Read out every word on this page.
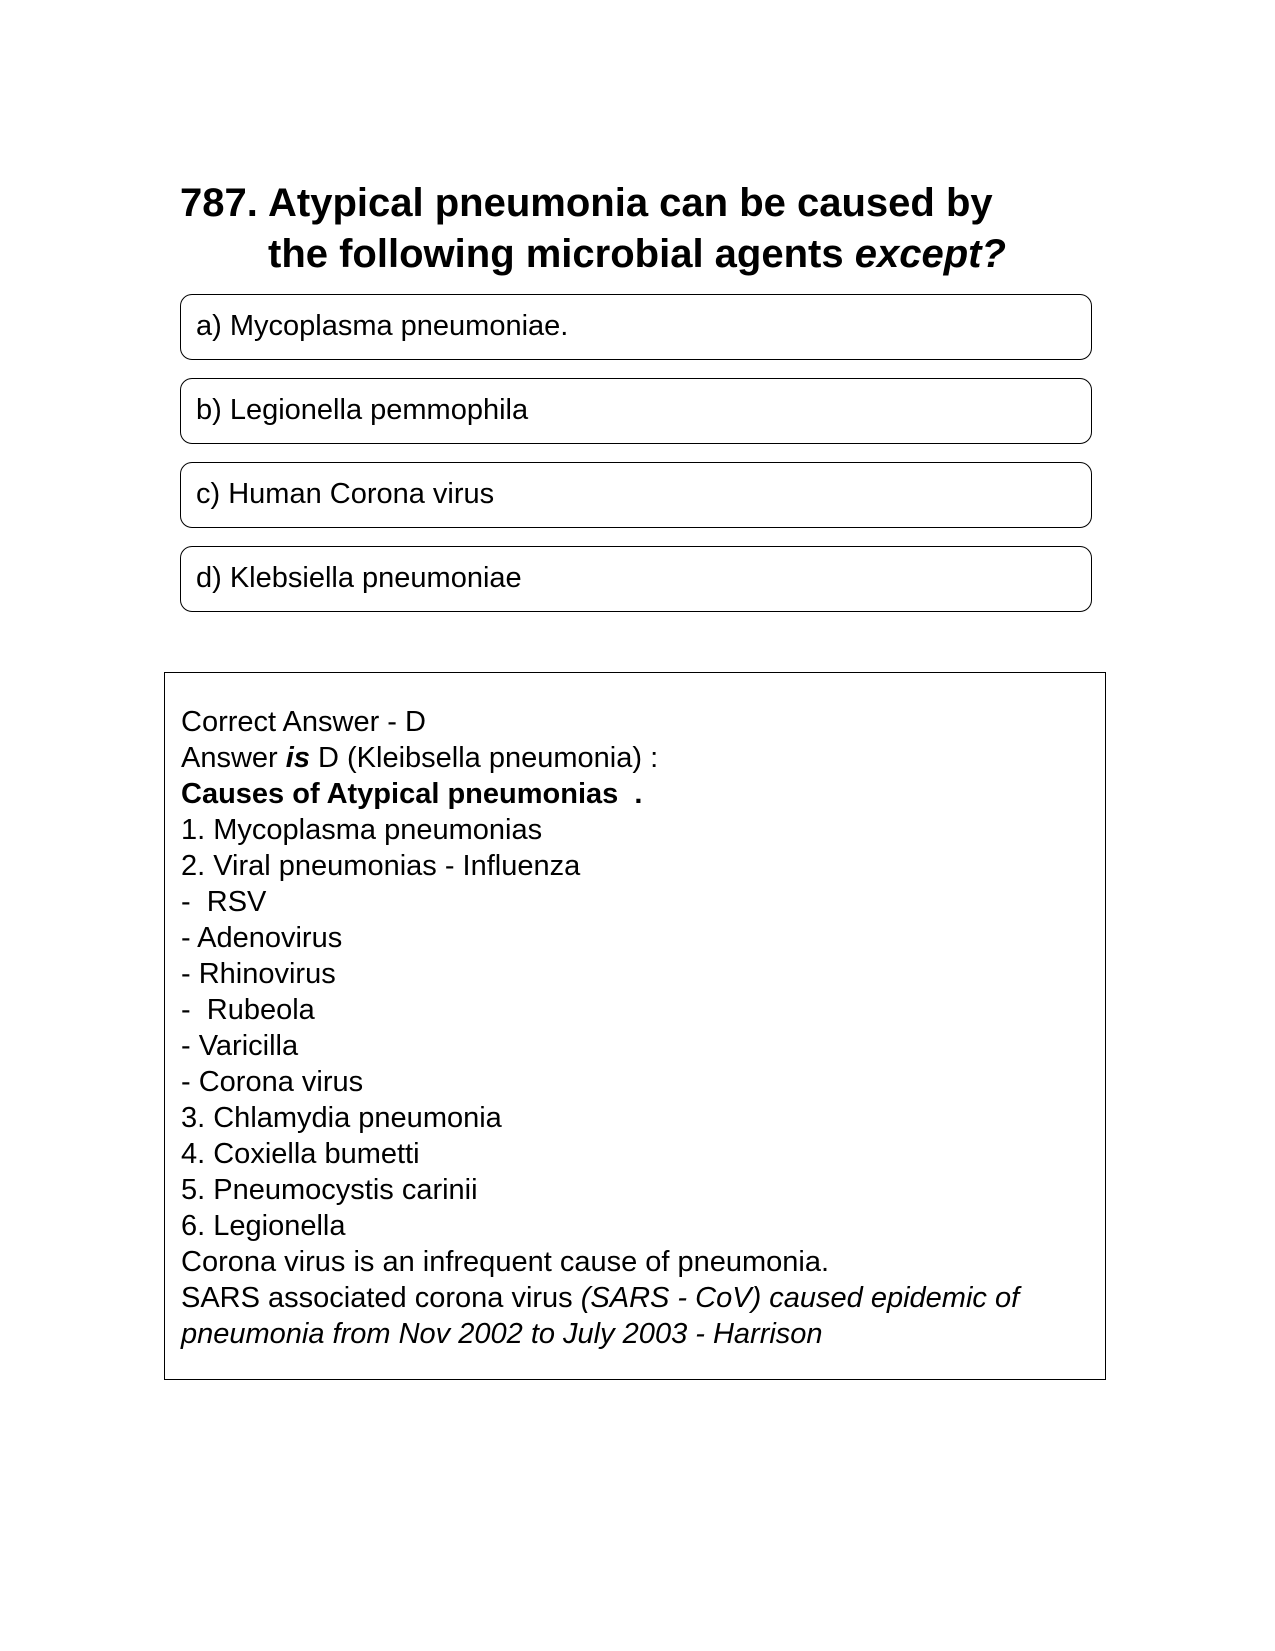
787. Atypical pneumonia can be caused by
the following microbial agents except?
a) Mycoplasma pneumoniae.
b) Legionella pemmophila
c) Human Corona virus
d) Klebsiella pneumoniae
Correct Answer - D
Answer is D (Kleibsella pneumonia) :
Causes of Atypical pneumonias  .
1. Mycoplasma pneumonias
2. Viral pneumonias - Influenza
-  RSV
- Adenovirus
- Rhinovirus
-  Rubeola
- Varicilla
- Corona virus
3. Chlamydia pneumonia
4. Coxiella bumetti
5. Pneumocystis carinii
6. Legionella
Corona virus is an infrequent cause of pneumonia.
SARS associated corona virus (SARS - CoV) caused epidemic of
pneumonia from Nov 2002 to July 2003 - Harrison
